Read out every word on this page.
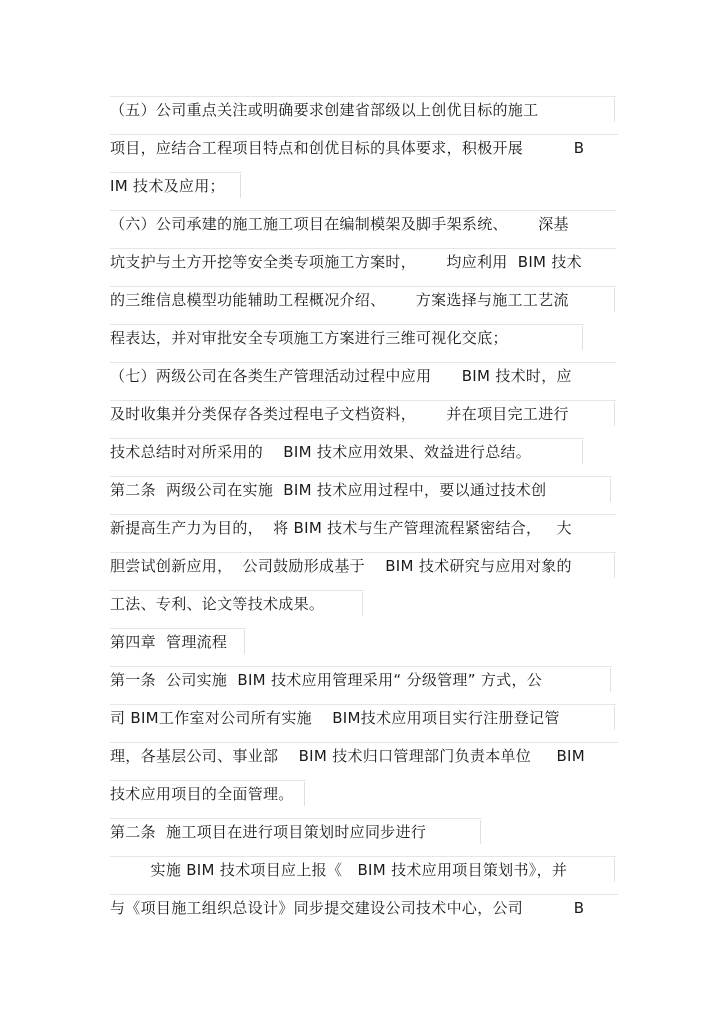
（五）公司重点关注或明确要求创建省部级以上创优目标的施工
项目，应结合工程项目特点和创优目标的具体要求，积极开展          B
IM 技术及应用；
（六）公司承建的施工施工项目在编制模架及脚手架系统、      深基
坑支护与土方开挖等安全类专项施工方案时，      均应利用  BIM 技术
的三维信息模型功能辅助工程概况介绍、      方案选择与施工工艺流
程表达，并对审批安全专项施工方案进行三维可视化交底；
（七）两级公司在各类生产管理活动过程中应用      BIM 技术时，应
及时收集并分类保存各类过程电子文档资料，      并在项目完工进行
技术总结时对所采用的    BIM 技术应用效果、效益进行总结。
第二条  两级公司在实施  BIM 技术应用过程中，要以通过技术创
新提高生产力为目的，  将 BIM 技术与生产管理流程紧密结合，   大
胆尝试创新应用，  公司鼓励形成基于    BIM 技术研究与应用对象的
工法、专利、论文等技术成果。
第四章  管理流程
第一条  公司实施  BIM 技术应用管理采用“ 分级管理” 方式，公
司 BIM工作室对公司所有实施    BIM技术应用项目实行注册登记管
理，各基层公司、事业部    BIM 技术归口管理部门负责本单位     BIM
技术应用项目的全面管理。
第二条  施工项目在进行项目策划时应同步进行
实施 BIM 技术项目应上报《   BIM 技术应用项目策划书》，并
与《项目施工组织总设计》同步提交建设公司技术中心，公司          B
